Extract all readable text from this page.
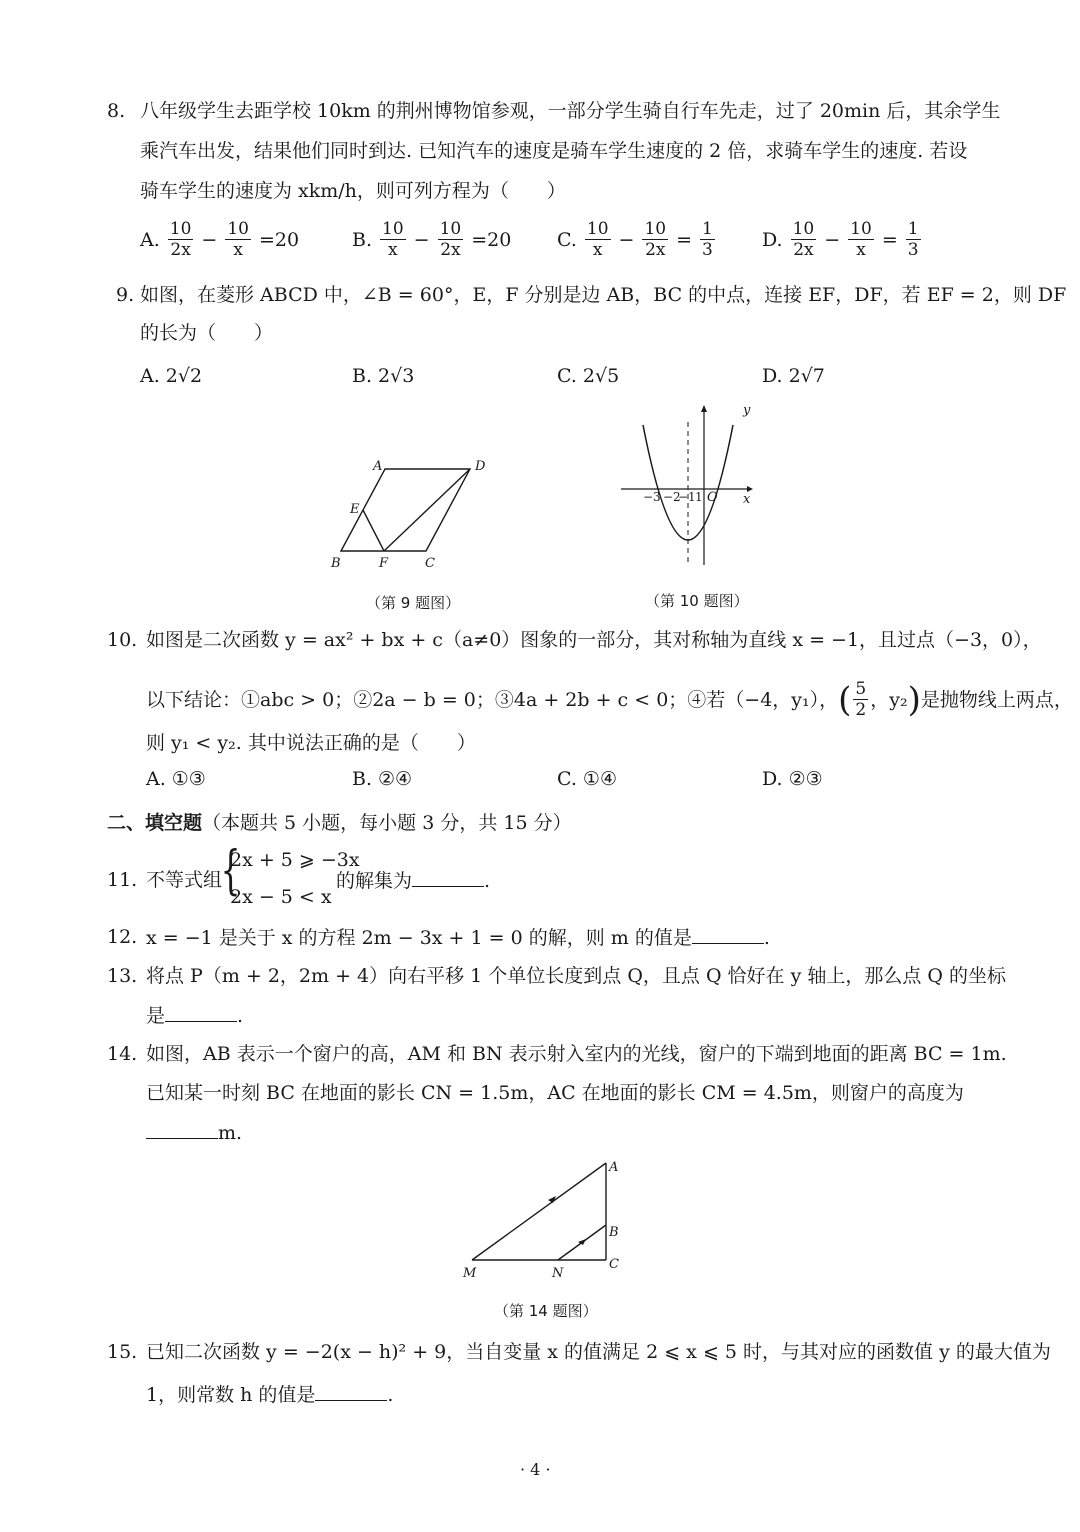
8. 八年级学生去距学校 10km 的荆州博物馆参观，一部分学生骑自行车先走，过了 20min 后，其余学生
乘汽车出发，结果他们同时到达. 已知汽车的速度是骑车学生速度的 2 倍，求骑车学生的速度. 若设
骑车学生的速度为 xkm/h，则可列方程为（　　）
A. $\frac{10}{2x} - \frac{10}{x} =20$	B. $\frac{10}{x} - \frac{10}{2x} =20$ C. $\frac{10}{x} - \frac{10}{2x} = \frac{1}{3} D$. $\frac{10}{2x} - \frac{10}{x} = \frac{1}{3}$
9. 如图，在菱形 ABCD 中，∠B = 60°，E，F 分别是边 AB，BC 的中点，连接 EF，DF，若 EF = 2，则 DF
的长为（　　）
A. 2√2	B. 2√3	C. 2√5	D. 2√7
A	D
E
B	F	C
（第 9 题图）
y
x
−3 −2
−1 1 O
（第 10 题图）
10. 如图是二次函数 y = ax² + bx + c（a≠0）图象的一部分，其对称轴为直线 x = −1，且过点（−3，0），
以下结论：①abc > 0；②2a − b = 0；③4a + 2b + c < 0；④若（−4，y₁）， ( $\frac{5}{2}$ ，y₂ ) 是抛物线上两点，
则 y₁ < y₂. 其中说法正确的是（　　）
A. ①③	B. ②④	C. ①④	D. ②③
二、填空题（本题共 5 小题，每小题 3 分，共 15 分）
11. 不等式组
{
2x + 5 ⩾ −3x
2x − 5 < x
的解集为	.
12. x = −1 是关于 x 的方程 2m − 3x + 1 = 0 的解，则 m 的值是	.
13. 将点 P（m + 2，2m + 4）向右平移 1 个单位长度到点 Q，且点 Q 恰好在 y 轴上，那么点 Q 的坐标
是	.
14. 如图，AB 表示一个窗户的高，AM 和 BN 表示射入室内的光线，窗户的下端到地面的距离 BC = 1m.
已知某一时刻 BC 在地面的影长 CN = 1.5m，AC 在地面的影长 CM = 4.5m，则窗户的高度为
m.
A
B
C
M	N
（第 14 题图）
15. 已知二次函数 y = −2(x − h)² + 9，当自变量 x 的值满足 2 ⩽ x ⩽ 5 时，与其对应的函数值 y 的最大值为
1，则常数 h 的值是	.
· 4 ·
